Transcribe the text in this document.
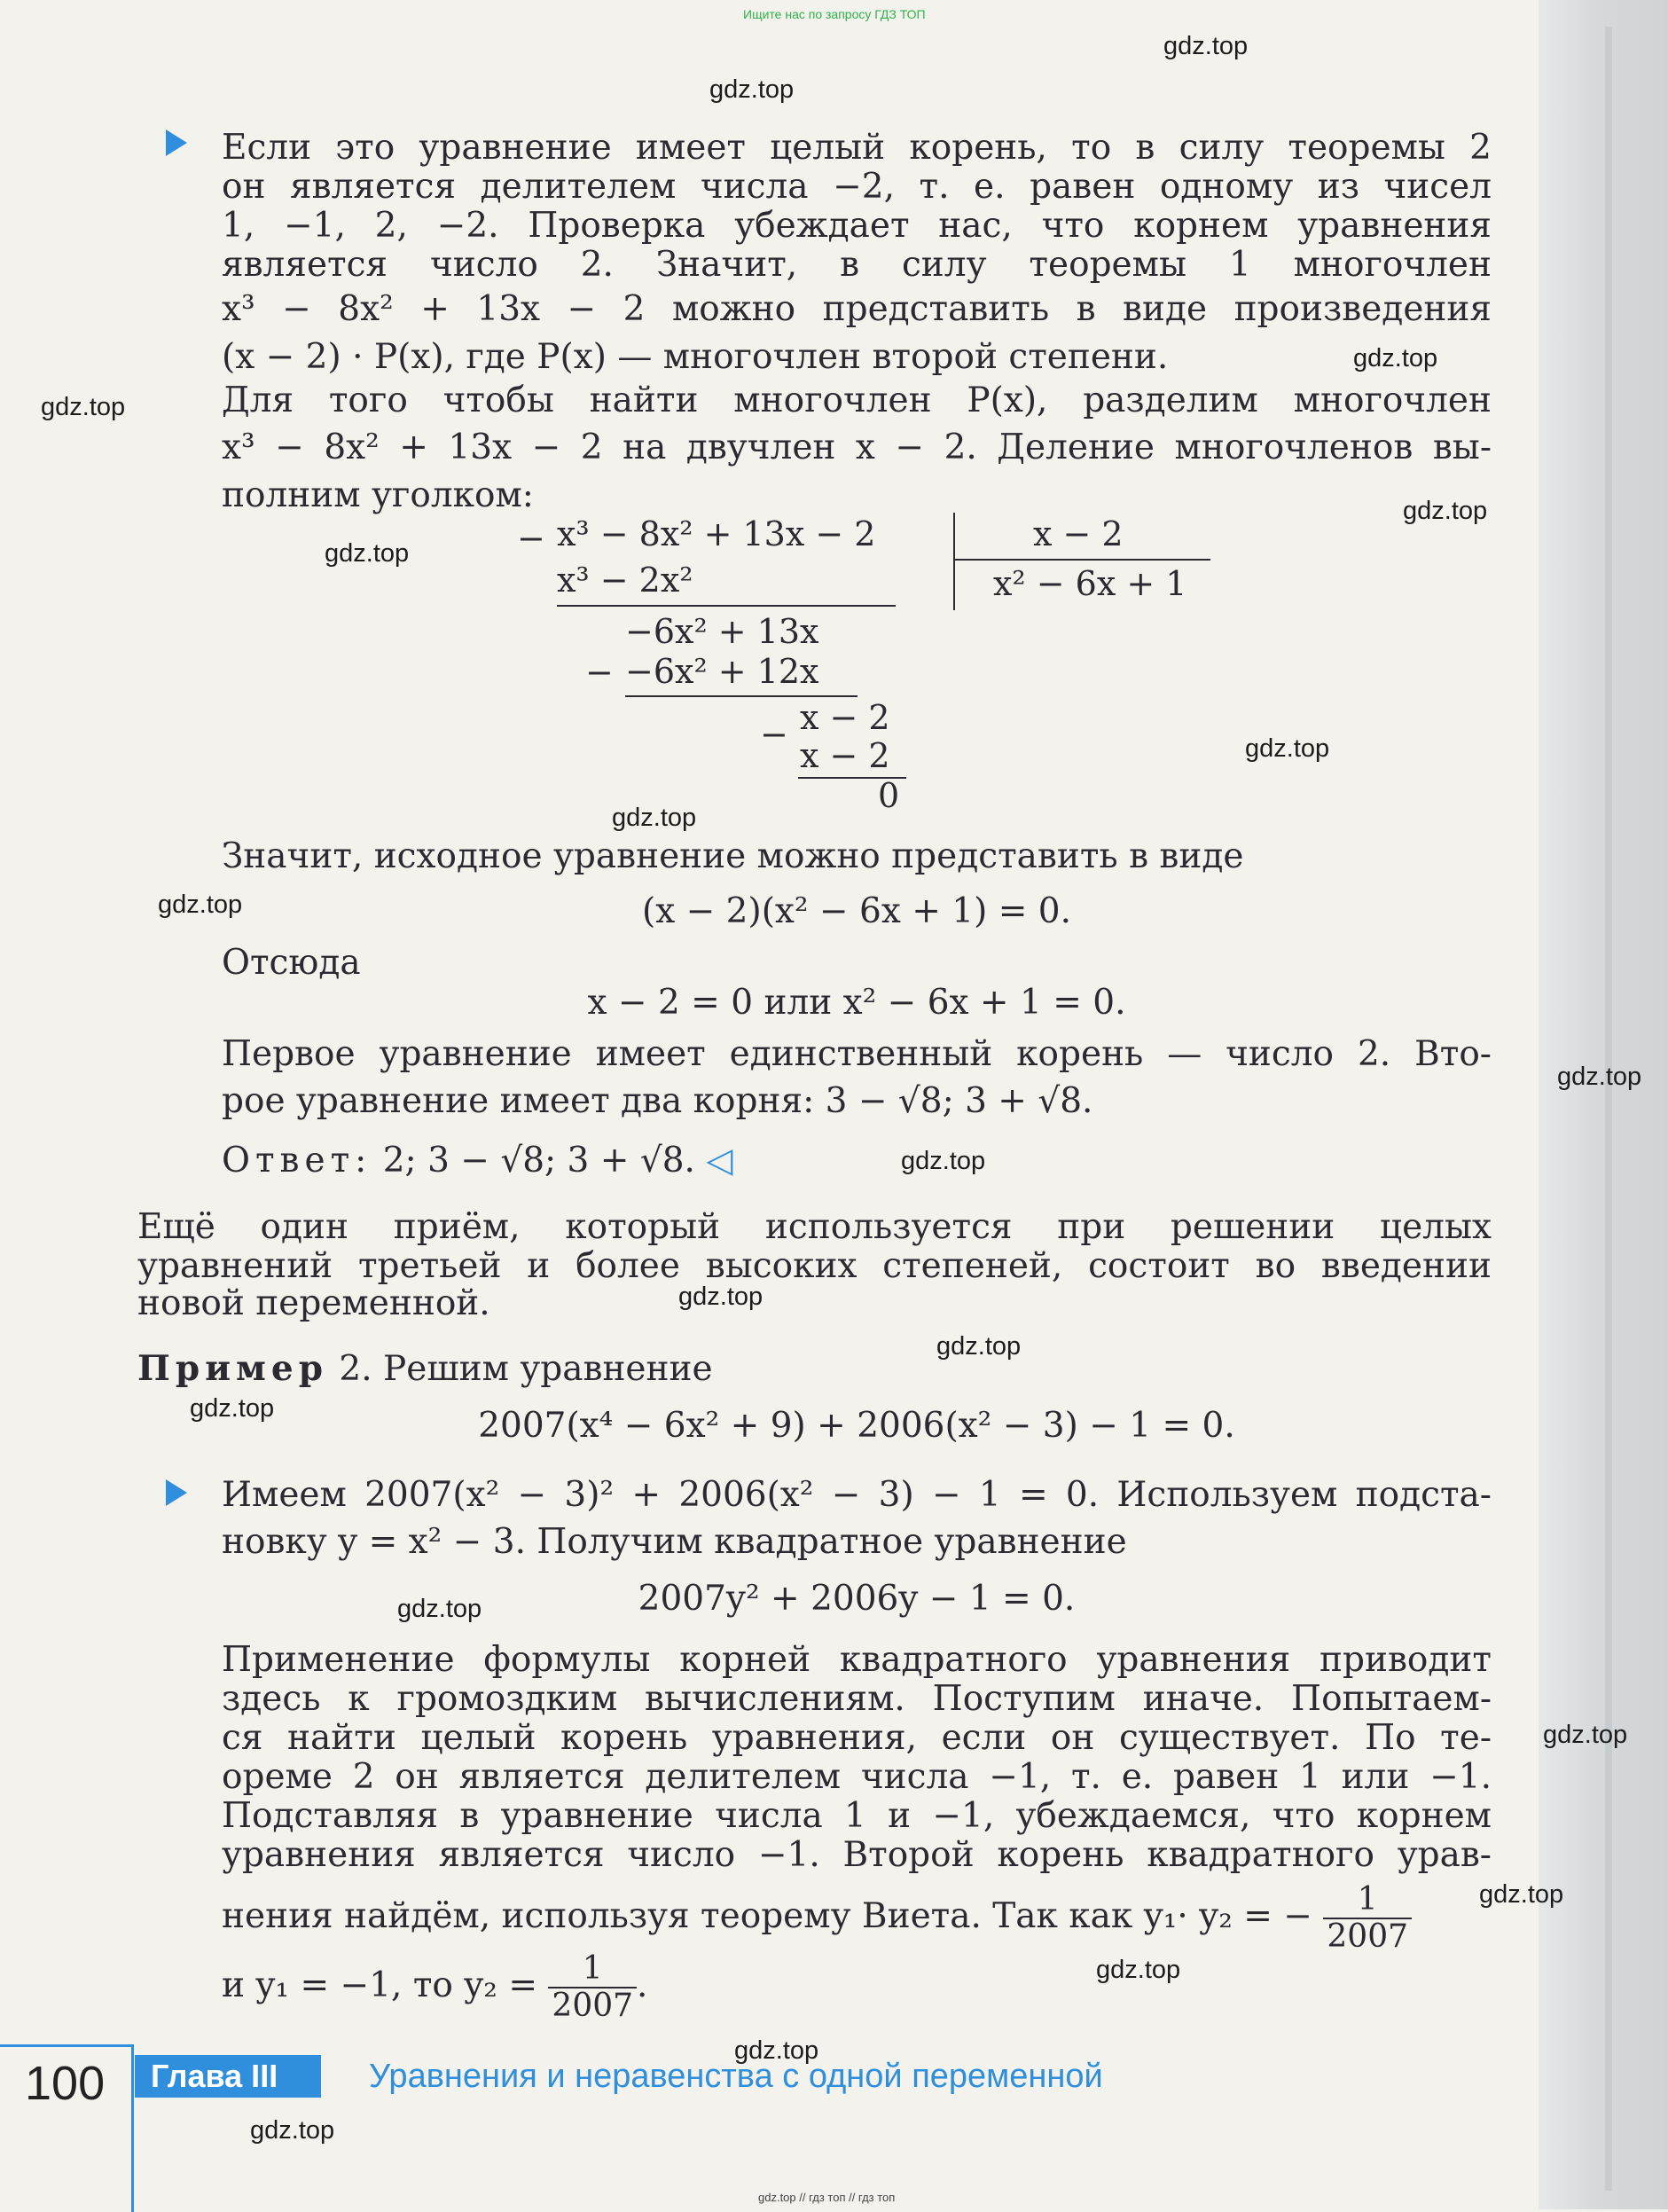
Ищите нас по запросу ГДЗ ТОП
Если это уравнение имеет целый корень, то в силу теоремы 2
он является делителем числа −2, т. е. равен одному из чисел
1, −1, 2, −2. Проверка убеждает нас, что корнем уравнения
является число 2. Значит, в силу теоремы 1 многочлен
x³ − 8x² + 13x − 2 можно представить в виде произведения
(x − 2) · P(x), где P(x) — многочлен второй степени.
Для того чтобы найти многочлен P(x), разделим многочлен
x³ − 8x² + 13x − 2 на двучлен x − 2. Деление многочленов вы-
полним уголком:
− x³ − 8x² + 13x − 2
x³ − 2x²
−6x² + 13x
− −6x² + 12x
− x − 2
x − 2
0
x − 2
x² − 6x + 1
Значит, исходное уравнение можно представить в виде
(x − 2)(x² − 6x + 1) = 0.
Отсюда
x − 2 = 0 или x² − 6x + 1 = 0.
Первое уравнение имеет единственный корень — число 2. Вто-
рое уравнение имеет два корня: 3 − √8; 3 + √8.
Ответ: 2; 3 − √8; 3 + √8. ◁
Ещё один приём, который используется при решении целых
уравнений третьей и более высоких степеней, состоит во введении
новой переменной.
Пример 2. Решим уравнение
2007(x⁴ − 6x² + 9) + 2006(x² − 3) − 1 = 0.
Имеем 2007(x² − 3)² + 2006(x² − 3) − 1 = 0. Используем подста-
новку y = x² − 3. Получим квадратное уравнение
2007y² + 2006y − 1 = 0.
Применение формулы корней квадратного уравнения приводит
здесь к громоздким вычислениям. Поступим иначе. Попытаем-
ся найти целый корень уравнения, если он существует. По те-
ореме 2 он является делителем числа −1, т. е. равен 1 или −1.
Подставляя в уравнение числа 1 и −1, убеждаемся, что корнем
уравнения является число −1. Второй корень квадратного урав-
нения найдём, используя теорему Виета. Так как y₁· y₂ = − $\frac{1}{2007}$
и y₁ = −1, то $y_2 = \frac{1}{2007}$ .
gdz.top
gdz.top
gdz.top
gdz.top
gdz.top
gdz.top
gdz.top
gdz.top
gdz.top
gdz.top
gdz.top
gdz.top
gdz.top
gdz.top
gdz.top
gdz.top
gdz.top
gdz.top
gdz.top
gdz.top
100	Глава III	Уравнения и неравенства с одной переменной
gdz.top // гдз топ // гдз топ
